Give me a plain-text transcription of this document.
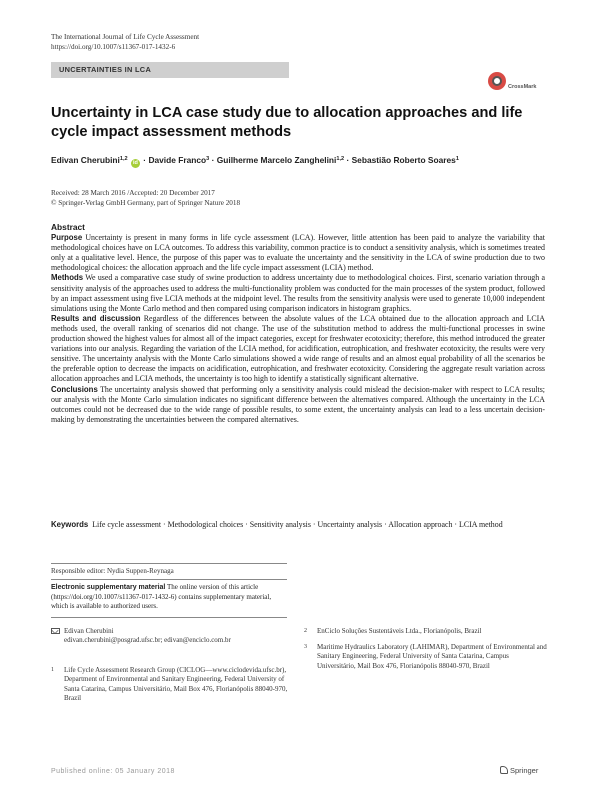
The International Journal of Life Cycle Assessment
https://doi.org/10.1007/s11367-017-1432-6
UNCERTAINTIES IN LCA
CrossMark
Uncertainty in LCA case study due to allocation approaches and life cycle impact assessment methods
Edivan Cherubini$^{1,2}$ id · Davide Franco$^3$ · Guilherme Marcelo Zanghelini$^{1,2}$ · Sebastião Roberto Soares$^1$
Received: 28 March 2016 /Accepted: 20 December 2017
© Springer-Verlag GmbH Germany, part of Springer Nature 2018
Abstract

Purpose Uncertainty is present in many forms in life cycle assessment (LCA). However, little attention has been paid to analyze the variability that methodological choices have on LCA outcomes. To address this variability, common practice is to conduct a sensitivity analysis, which is sometimes treated only at a qualitative level. Hence, the purpose of this paper was to evaluate the uncertainty and the sensitivity in the LCA of swine production due to two methodological choices: the allocation approach and the life cycle impact assessment (LCIA) method.

Methods We used a comparative case study of swine production to address uncertainty due to methodological choices. First, scenario variation through a sensitivity analysis of the approaches used to address the multi-functionality problem was conducted for the main processes of the system product, followed by an impact assessment using five LCIA methods at the midpoint level. The results from the sensitivity analysis were used to generate 10,000 independent simulations using the Monte Carlo method and then compared using comparison indicators in histogram graphics.

Results and discussion Regardless of the differences between the absolute values of the LCA obtained due to the allocation approach and LCIA methods used, the overall ranking of scenarios did not change. The use of the substitution method to address the multi-functional processes in swine production showed the highest values for almost all of the impact categories, except for freshwater ecotoxicity; therefore, this method introduced the greater variations into our analysis. Regarding the variation of the LCIA method, for acidification, eutrophication, and freshwater ecotoxicity, the results were very sensitive. The uncertainty analysis with the Monte Carlo simulations showed a wide range of results and an almost equal probability of all the scenarios be the preferable option to decrease the impacts on acidification, eutrophication, and freshwater ecotoxicity. Considering the aggregate result variation across allocation approaches and LCIA methods, the uncertainty is too high to identify a statistically significant alternative.

Conclusions The uncertainty analysis showed that performing only a sensitivity analysis could mislead the decision-maker with respect to LCA results; our analysis with the Monte Carlo simulation indicates no significant difference between the alternatives compared. Although the uncertainty in the LCA outcomes could not be decreased due to the wide range of possible results, to some extent, the uncertainty analysis can lead to a less uncertain decision-making by demonstrating the uncertainties between the compared alternatives.

Keywords Life cycle assessment · Methodological choices · Sensitivity analysis · Uncertainty analysis · Allocation approach · LCIA method
Responsible editor: Nydia Suppen-Reynaga
Electronic supplementary material The online version of this article (https://doi.org/10.1007/s11367-017-1432-6) contains supplementary material, which is available to authorized users.
Edivan Cherubini
edivan.cherubini@posgrad.ufsc.br; edivan@enciclo.com.br
1 Life Cycle Assessment Research Group (CICLOG—www.ciclodevida.ufsc.br), Department of Environmental and Sanitary Engineering, Federal University of Santa Catarina, Campus Universitário, Mail Box 476, Florianópolis 88040-970, Brazil
2 EnCiclo Soluções Sustentáveis Ltda., Florianópolis, Brazil
3 Maritime Hydraulics Laboratory (LAHIMAR), Department of Environmental and Sanitary Engineering, Federal University of Santa Catarina, Campus Universitário, Mail Box 476, Florianópolis 88040-970, Brazil
Published online: 05 January 2018	Springer
